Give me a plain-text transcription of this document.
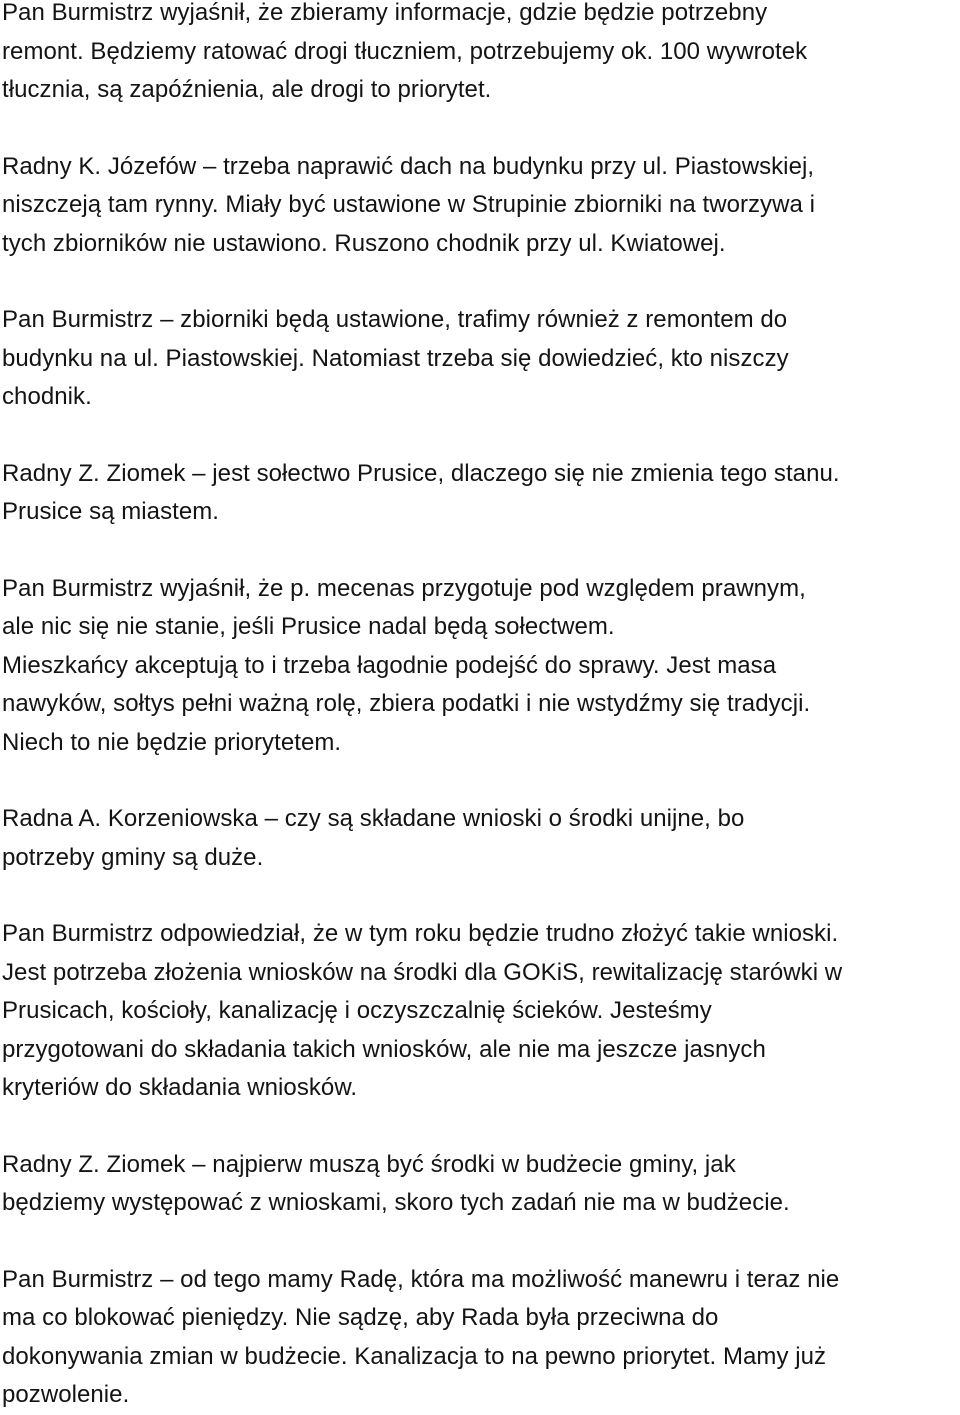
Pan Burmistrz wyjaśnił, że zbieramy informacje, gdzie będzie potrzebny
remont. Będziemy ratować drogi tłuczniem, potrzebujemy ok. 100 wywrotek
tłucznia, są zapóźnienia, ale drogi to priorytet.

Radny K. Józefów – trzeba naprawić dach na budynku przy ul. Piastowskiej,
niszczeją tam rynny. Miały być ustawione w Strupinie zbiorniki na tworzywa i
tych zbiorników nie ustawiono. Ruszono chodnik przy ul. Kwiatowej.

Pan Burmistrz – zbiorniki będą ustawione, trafimy również z remontem do
budynku na ul. Piastowskiej. Natomiast trzeba się dowiedzieć, kto niszczy
chodnik.

Radny Z. Ziomek – jest sołectwo Prusice, dlaczego się nie zmienia tego stanu.
Prusice są miastem.

Pan Burmistrz wyjaśnił, że p. mecenas przygotuje pod względem prawnym,
ale nic się nie stanie, jeśli Prusice nadal będą sołectwem.
Mieszkańcy akceptują to i trzeba łagodnie podejść do sprawy. Jest masa
nawyków, sołtys pełni ważną rolę, zbiera podatki i nie wstydźmy się tradycji.
Niech to nie będzie priorytetem.

Radna A. Korzeniowska – czy są składane wnioski o środki unijne, bo
potrzeby gminy są duże.

Pan Burmistrz odpowiedział, że w tym roku będzie trudno złożyć takie wnioski.
Jest potrzeba złożenia wniosków na środki dla GOKiS, rewitalizację starówki w
Prusicach, kościoły, kanalizację i oczyszczalnię ścieków. Jesteśmy
przygotowani do składania takich wniosków, ale nie ma jeszcze jasnych
kryteriów do składania wniosków.

Radny Z. Ziomek – najpierw muszą być środki w budżecie gminy, jak
będziemy występować z wnioskami, skoro tych zadań nie ma w budżecie.

Pan Burmistrz – od tego mamy Radę, która ma możliwość manewru i teraz nie
ma co blokować pieniędzy. Nie sądzę, aby Rada była przeciwna do
dokonywania zmian w budżecie. Kanalizacja to na pewno priorytet. Mamy już
pozwolenie.
